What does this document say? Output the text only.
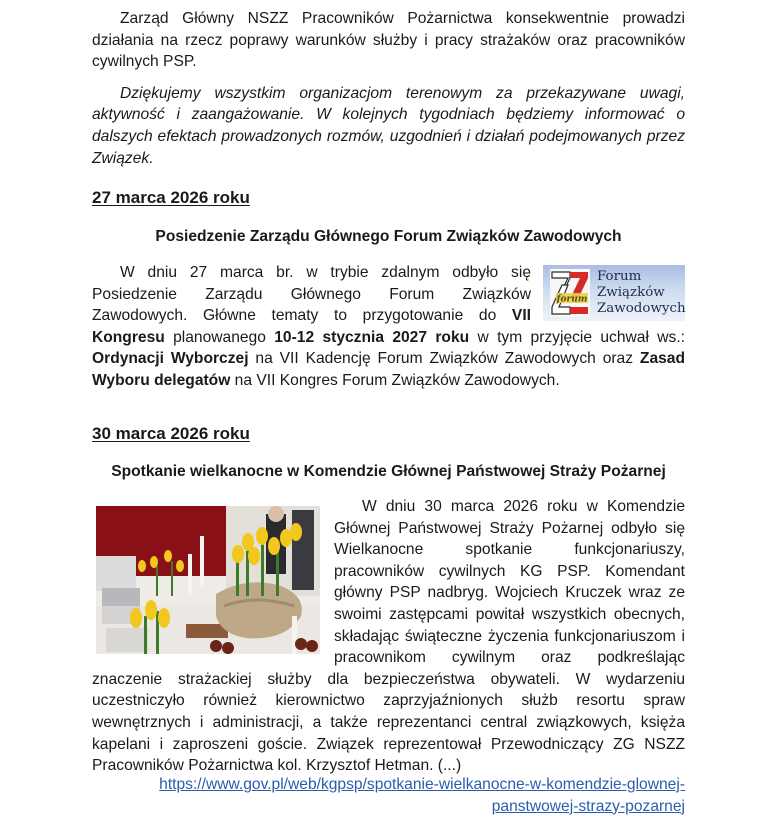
Zarząd Główny NSZZ Pracowników Pożarnictwa konsekwentnie prowadzi działania na rzecz poprawy warunków służby i pracy strażaków oraz pracowników cywilnych PSP.

Dziękujemy wszystkim organizacjom terenowym za przekazywane uwagi, aktywność i zaangażowanie. W kolejnych tygodniach będziemy informować o dalszych efektach prowadzonych rozmów, uzgodnień i działań podejmowanych przez Związek.

27 marca 2026 roku
Posiedzenie Zarządu Głównego Forum Związków Zawodowych
forum
Forum
Związków
Zawodowych

W dniu 27 marca br. w trybie zdalnym odbyło się Posiedzenie Zarządu Głównego Forum Związków Zawodowych. Główne tematy to przygotowanie do VII Kongresu planowanego 10-12 stycznia 2027 roku w tym przyjęcie uchwał ws.: Ordynacji Wyborczej na VII Kadencję Forum Związków Zawodowych oraz Zasad Wyboru delegatów na VII Kongres Forum Związków Zawodowych.

30 marca 2026 roku
Spotkanie wielkanocne w Komendzie Głównej Państwowej Straży Pożarnej

W dniu 30 marca 2026 roku w Komendzie Głównej Państwowej Straży Pożarnej odbyło się Wielkanocne spotkanie funkcjonariuszy, pracowników cywilnych KG PSP. Komendant główny PSP nadbryg. Wojciech Kruczek wraz ze swoimi zastępcami powitał wszystkich obecnych, składając świąteczne życzenia funkcjonariuszom i pracownikom cywilnym oraz podkreślając znaczenie strażackiej służby dla bezpieczeństwa obywateli. W wydarzeniu uczestniczyło również kierownictwo zaprzyjaźnionych służb resortu spraw wewnętrznych i administracji, a także reprezentanci central związkowych, księża kapelani i zaproszeni goście. Związek reprezentował Przewodniczący ZG NSZZ Pracowników Pożarnictwa kol. Krzysztof Hetman. (...)

https://www.gov.pl/web/kgpsp/spotkanie-wielkanocne-w-komendzie-glownej-
panstwowej-strazy-pozarnej
